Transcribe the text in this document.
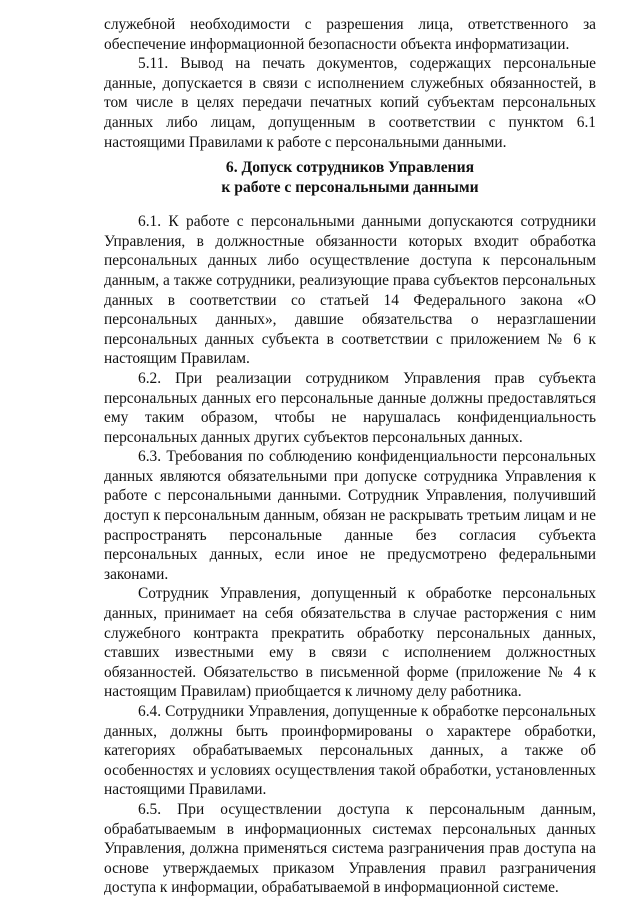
служебной необходимости с разрешения лица, ответственного за обеспечение информационной безопасности объекта информатизации.

5.11. Вывод на печать документов, содержащих персональные данные, допускается в связи с исполнением служебных обязанностей, в том числе в целях передачи печатных копий субъектам персональных данных либо лицам, допущенным в соответствии с пунктом 6.1 настоящими Правилами к работе с персональными данными.

6. Допуск сотрудников Управления
к работе с персональными данными

6.1. К работе с персональными данными допускаются сотрудники Управления, в должностные обязанности которых входит обработка персональных данных либо осуществление доступа к персональным данным, а также сотрудники, реализующие права субъектов персональных данных в соответствии со статьей 14 Федерального закона «О персональных данных», давшие обязательства о неразглашении персональных данных субъекта в соответствии с приложением № 6 к настоящим Правилам.

6.2. При реализации сотрудником Управления прав субъекта персональных данных его персональные данные должны предоставляться ему таким образом, чтобы не нарушалась конфиденциальность персональных данных других субъектов персональных данных.

6.3. Требования по соблюдению конфиденциальности персональных данных являются обязательными при допуске сотрудника Управления к работе с персональными данными. Сотрудник Управления, получивший доступ к персональным данным, обязан не раскрывать третьим лицам и не распространять персональные данные без согласия субъекта персональных данных, если иное не предусмотрено федеральными законами.

Сотрудник Управления, допущенный к обработке персональных данных, принимает на себя обязательства в случае расторжения с ним служебного контракта прекратить обработку персональных данных, ставших известными ему в связи с исполнением должностных обязанностей. Обязательство в письменной форме (приложение № 4 к настоящим Правилам) приобщается к личному делу работника.

6.4. Сотрудники Управления, допущенные к обработке персональных данных, должны быть проинформированы о характере обработки, категориях обрабатываемых персональных данных, а также об особенностях и условиях осуществления такой обработки, установленных настоящими Правилами.

6.5. При осуществлении доступа к персональным данным, обрабатываемым в информационных системах персональных данных Управления, должна применяться система разграничения прав доступа на основе утверждаемых приказом Управления правил разграничения доступа к информации, обрабатываемой в информационной системе.
